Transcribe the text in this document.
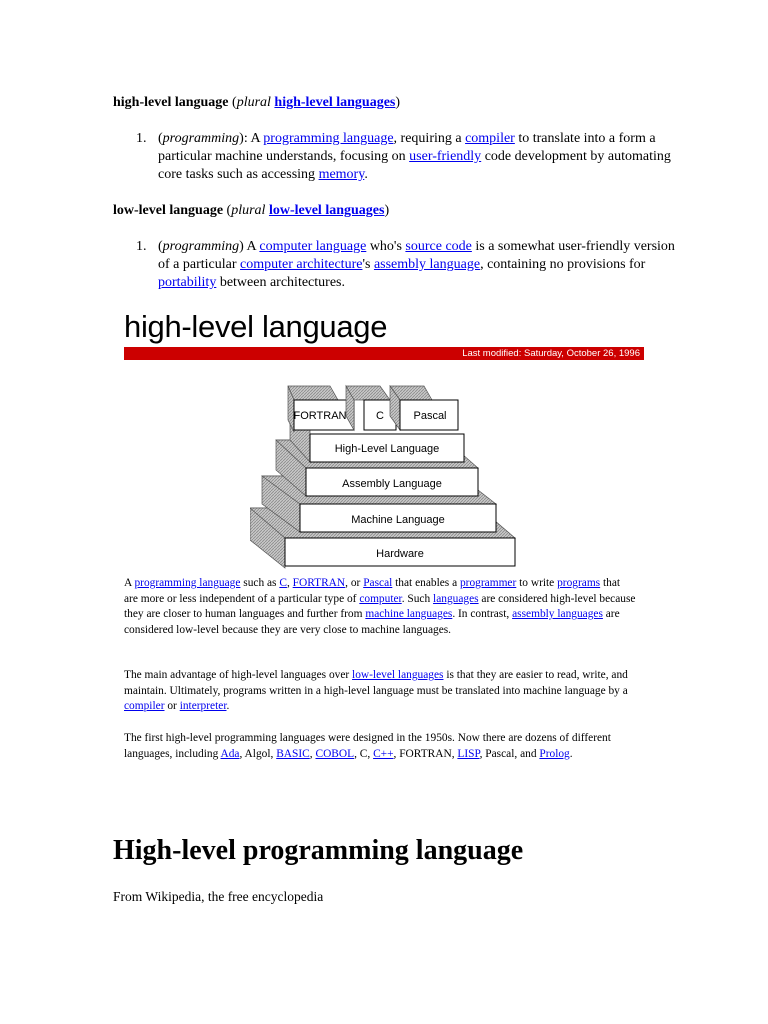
high-level language (plural high-level languages)
1. (programming): A programming language, requiring a compiler to translate into a form a particular machine understands, focusing on user-friendly code development by automating core tasks such as accessing memory.
low-level language (plural low-level languages)
1. (programming) A computer language who's source code is a somewhat user-friendly version of a particular computer architecture's assembly language, containing no provisions for portability between architectures.
high-level language
Last modified: Saturday, October 26, 1996
Hardware
Machine Language
Assembly Language
High-Level Language
FORTRAN	C	Pascal
A programming language such as C, FORTRAN, or Pascal that enables a programmer to write programs that are more or less independent of a particular type of computer. Such languages are considered high-level because they are closer to human languages and further from machine languages. In contrast, assembly languages are considered low-level because they are very close to machine languages.
The main advantage of high-level languages over low-level languages is that they are easier to read, write, and maintain. Ultimately, programs written in a high-level language must be translated into machine language by a compiler or interpreter.
The first high-level programming languages were designed in the 1950s. Now there are dozens of different languages, including Ada, Algol, BASIC, COBOL, C, C++, FORTRAN, LISP, Pascal, and Prolog.
High-level programming language
From Wikipedia, the free encyclopedia
